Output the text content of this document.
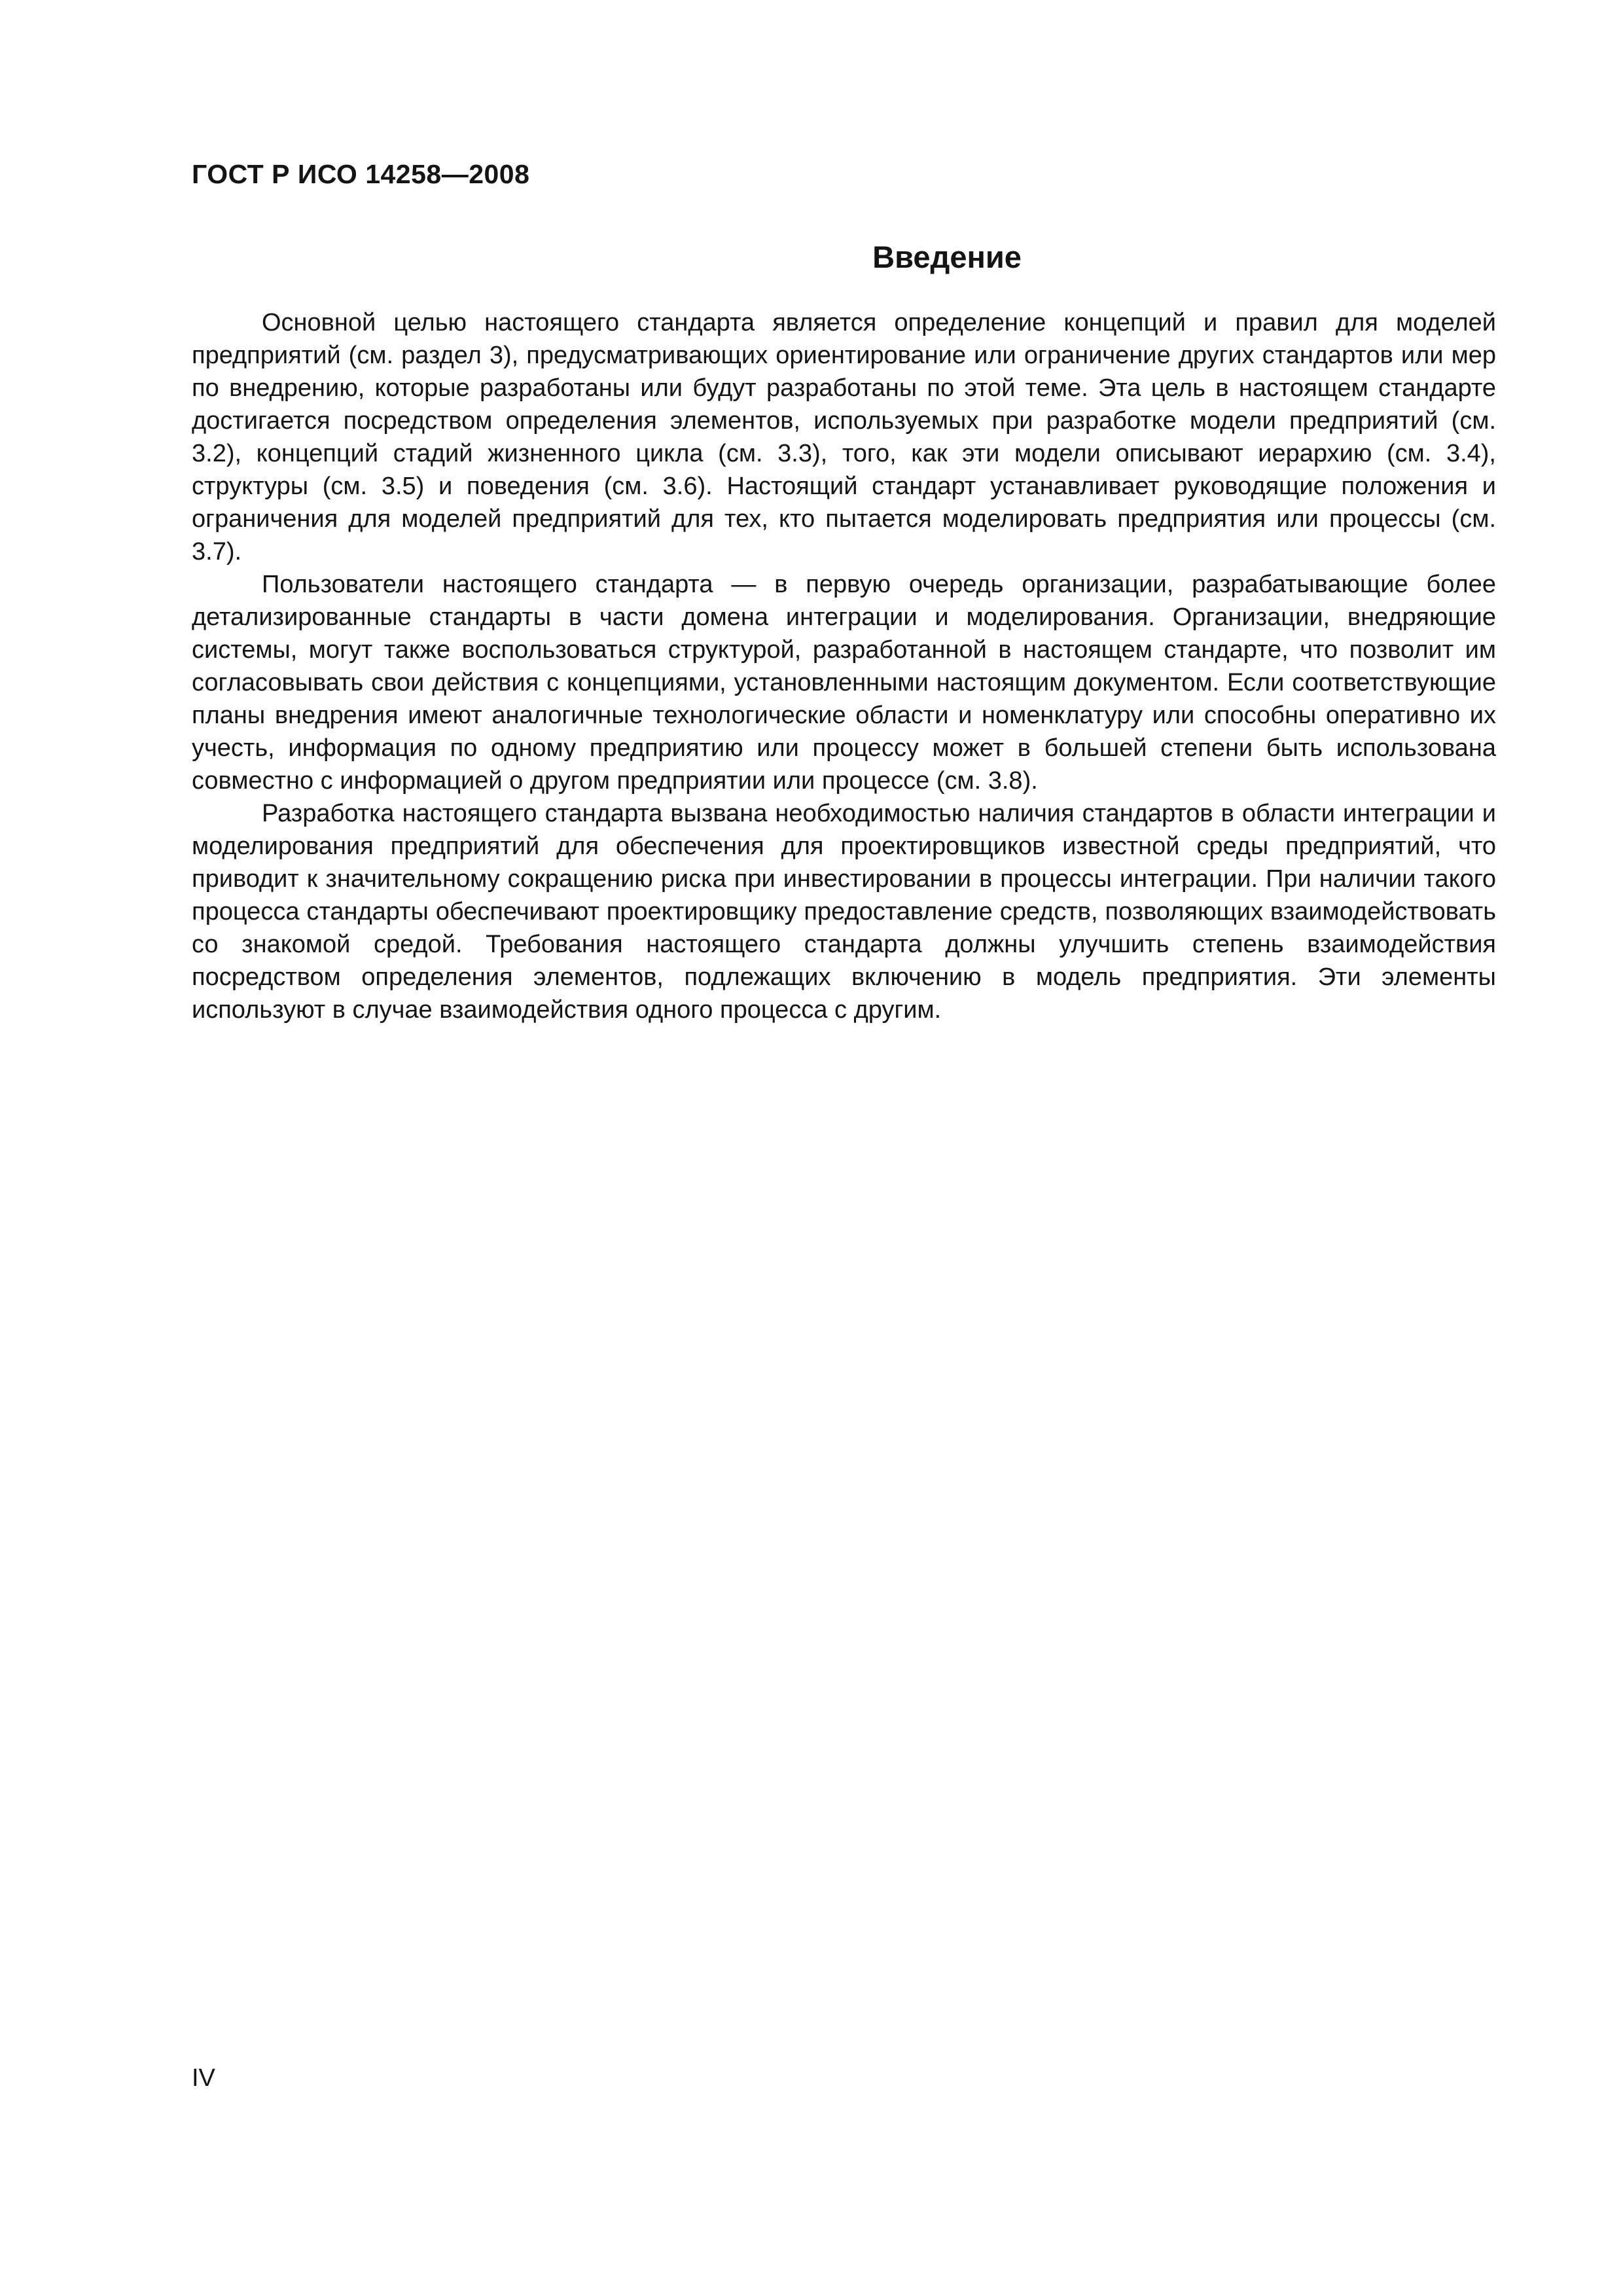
ГОСТ Р ИСО 14258—2008
Введение

Основной целью настоящего стандарта является определение концепций и правил для моделей предприятий (см. раздел 3), предусматривающих ориентирование или ограничение других стандартов или мер по внедрению, которые разработаны или будут разработаны по этой теме. Эта цель в настоящем стандарте достигается посредством определения элементов, используемых при разработке модели предприятий (см. 3.2), концепций стадий жизненного цикла (см. 3.3), того, как эти модели описывают иерархию (см. 3.4), структуры (см. 3.5) и поведения (см. 3.6). Настоящий стандарт устанавливает руководящие положения и ограничения для моделей предприятий для тех, кто пытается моделировать предприятия или процессы (см. 3.7).

Пользователи настоящего стандарта — в первую очередь организации, разрабатывающие более детализированные стандарты в части домена интеграции и моделирования. Организации, внедряющие системы, могут также воспользоваться структурой, разработанной в настоящем стандарте, что позволит им согласовывать свои действия с концепциями, установленными настоящим документом. Если соответствующие планы внедрения имеют аналогичные технологические области и номенклатуру или способны оперативно их учесть, информация по одному предприятию или процессу может в большей степени быть использована совместно с информацией о другом предприятии или процессе (см. 3.8).

Разработка настоящего стандарта вызвана необходимостью наличия стандартов в области интеграции и моделирования предприятий для обеспечения для проектировщиков известной среды предприятий, что приводит к значительному сокращению риска при инвестировании в процессы интеграции. При наличии такого процесса стандарты обеспечивают проектировщику предоставление средств, позволяющих взаимодействовать со знакомой средой. Требования настоящего стандарта должны улучшить степень взаимодействия посредством определения элементов, подлежащих включению в модель предприятия. Эти элементы используют в случае взаимодействия одного процесса с другим.

IV
